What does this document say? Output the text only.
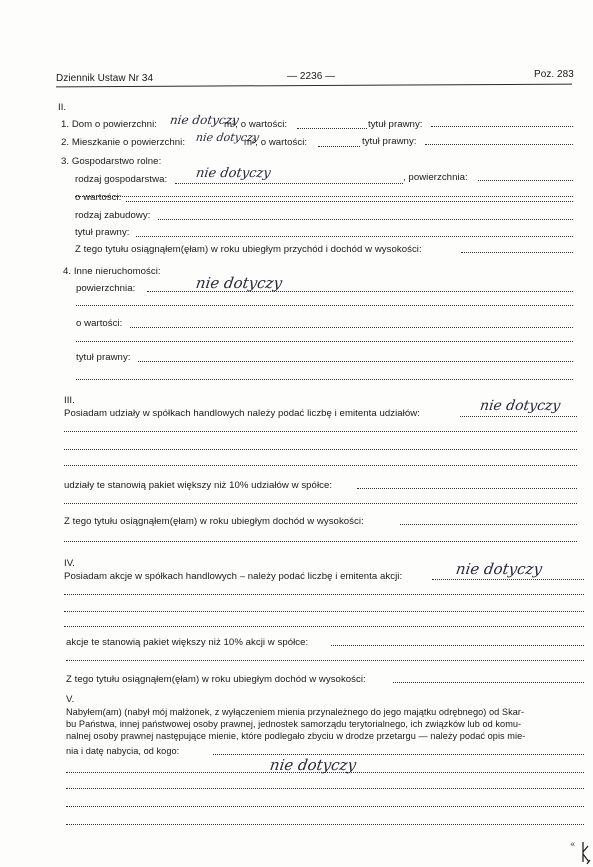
Dziennik Ustaw Nr 34	— 2236 —	Poz. 283
II.
1. Dom o powierzchni: nie dotyczy
m², o wartości:	tytuł prawny:
2. Mieszkanie o powierzchni: nie dotyczy
m², o wartości:	tytuł prawny:
3. Gospodarstwo rolne:
rodzaj gospodarstwa: nie dotyczy	, powierzchnia:
o wartości:
rodzaj zabudowy:
tytuł prawny:
Z tego tytułu osiągnąłem(ęłam) w roku ubiegłym przychód i dochód w wysokości:
4. Inne nieruchomości:
powierzchnia:	nie dotyczy
o wartości:
tytuł prawny:
III.
Posiadam udziały w spółkach handlowych należy podać liczbę i emitenta udziałów:	nie dotyczy
udziały te stanowią pakiet większy niż 10% udziałów w spółce:
Z tego tytułu osiągnąłem(ęłam) w roku ubiegłym dochód w wysokości:
IV.
Posiadam akcje w spółkach handlowych – należy podać liczbę i emitenta akcji:	nie dotyczy
akcje te stanowią pakiet większy niż 10% akcji w spółce:
Z tego tytułu osiągnąłem(ęłam) w roku ubiegłym dochód w wysokości:
V.
Nabyłem(am) (nabył mój małżonek, z wyłączeniem mienia przynależnego do jego majątku odrębnego) od Skar-
bu Państwa, innej państwowej osoby prawnej, jednostek samorządu terytorialnego, ich związków lub od komu-
nalnej osoby prawnej następujące mienie, które podlegało zbyciu w drodze przetargu — należy podać opis mie-
nia i datę nabycia, od kogo:
nie dotyczy
«
